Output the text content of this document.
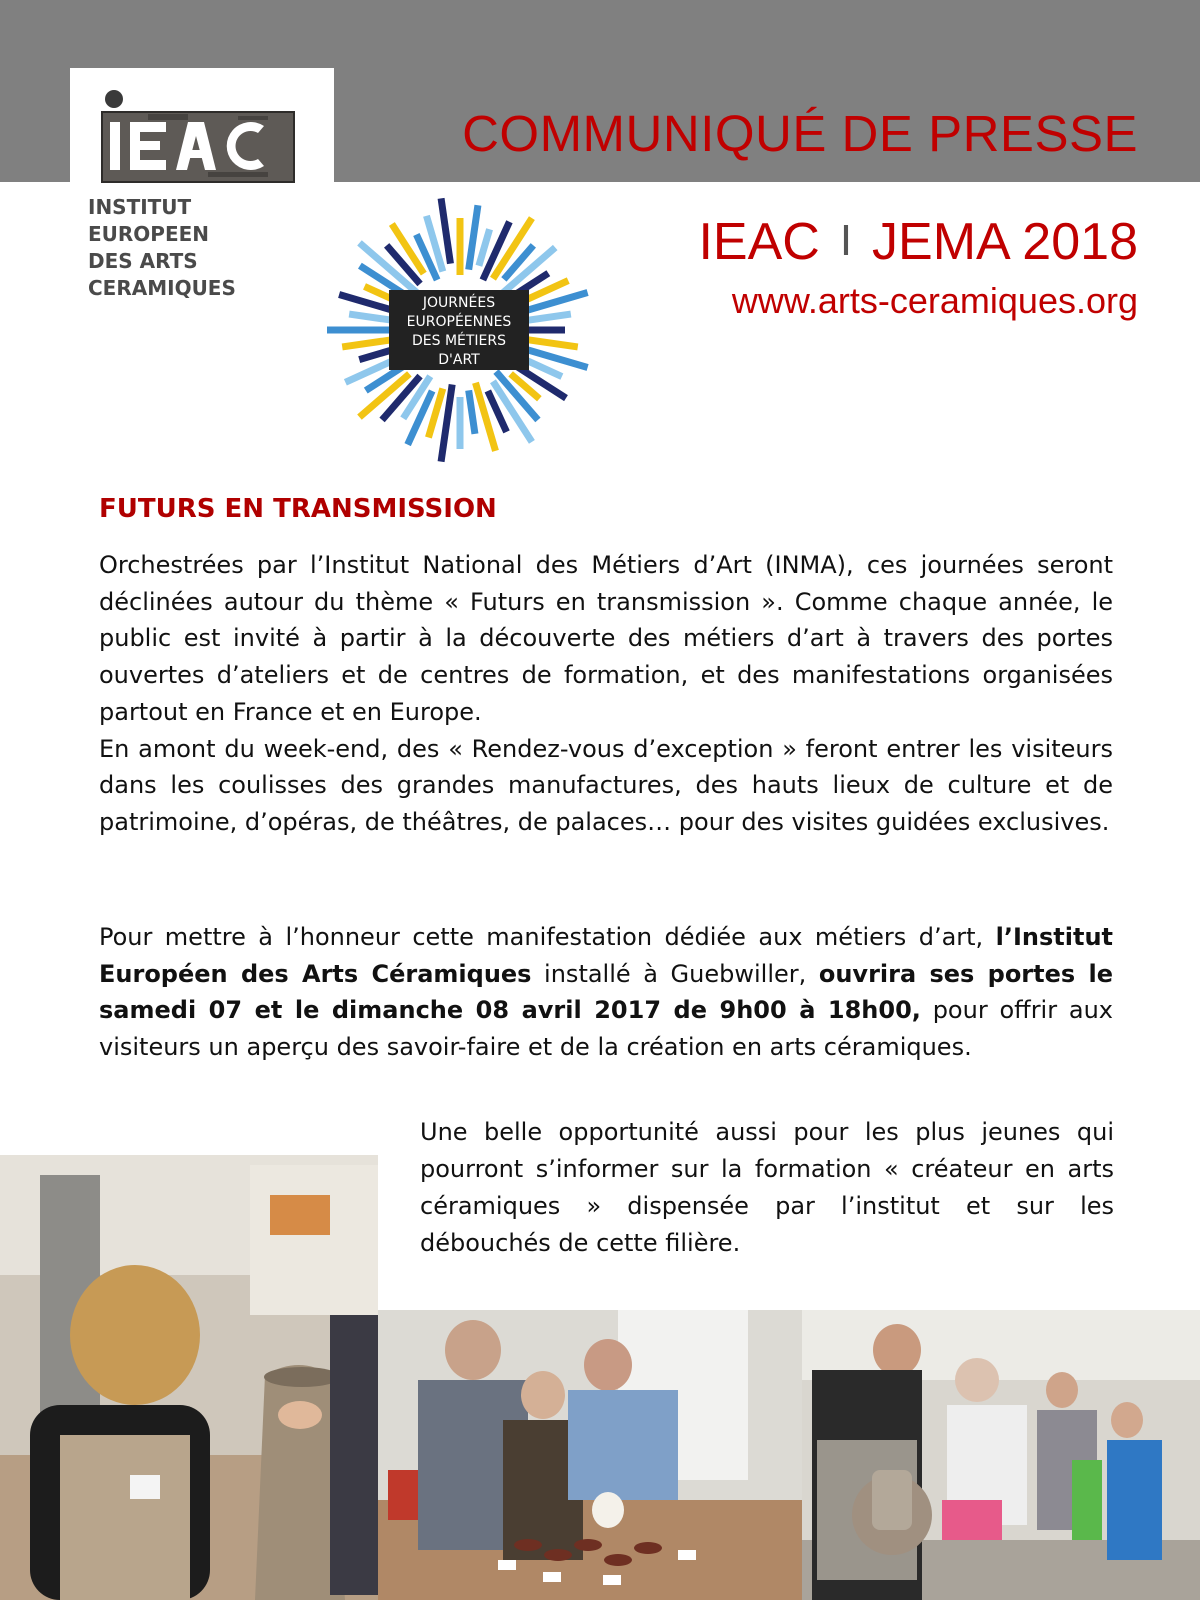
INSTITUT
EUROPEEN
DES ARTS
CERAMIQUES

COMMUNIQUÉ DE PRESSE

IEAC I JEMA 2018

www.arts-ceramiques.org

JOURNÉES
EUROPÉENNES
DES MÉTIERS
D'ART
FUTURS EN TRANSMISSION

Orchestrées par l’Institut National des Métiers d’Art (INMA), ces journées seront déclinées autour du thème « Futurs en transmission ». Comme chaque année, le public est invité à partir à la découverte des métiers d’art à travers des portes ouvertes d’ateliers et de centres de formation, et des manifestations organisées partout en France et en Europe.

En amont du week-end, des « Rendez-vous d’exception » feront entrer les visiteurs dans les coulisses des grandes manufactures, des hauts lieux de culture et de patrimoine, d’opéras, de théâtres, de palaces… pour des visites guidées exclusives.

Pour mettre à l’honneur cette manifestation dédiée aux métiers d’art, l’Institut Européen des Arts Céramiques installé à Guebwiller, ouvrira ses portes le samedi 07 et le dimanche 08 avril 2017 de 9h00 à 18h00, pour offrir aux visiteurs un aperçu des savoir-faire et de la création en arts céramiques.

Une belle opportunité aussi pour les plus jeunes qui pourront s’informer sur la formation « créateur en arts céramiques » dispensée par l’institut et sur les débouchés de cette filière.
